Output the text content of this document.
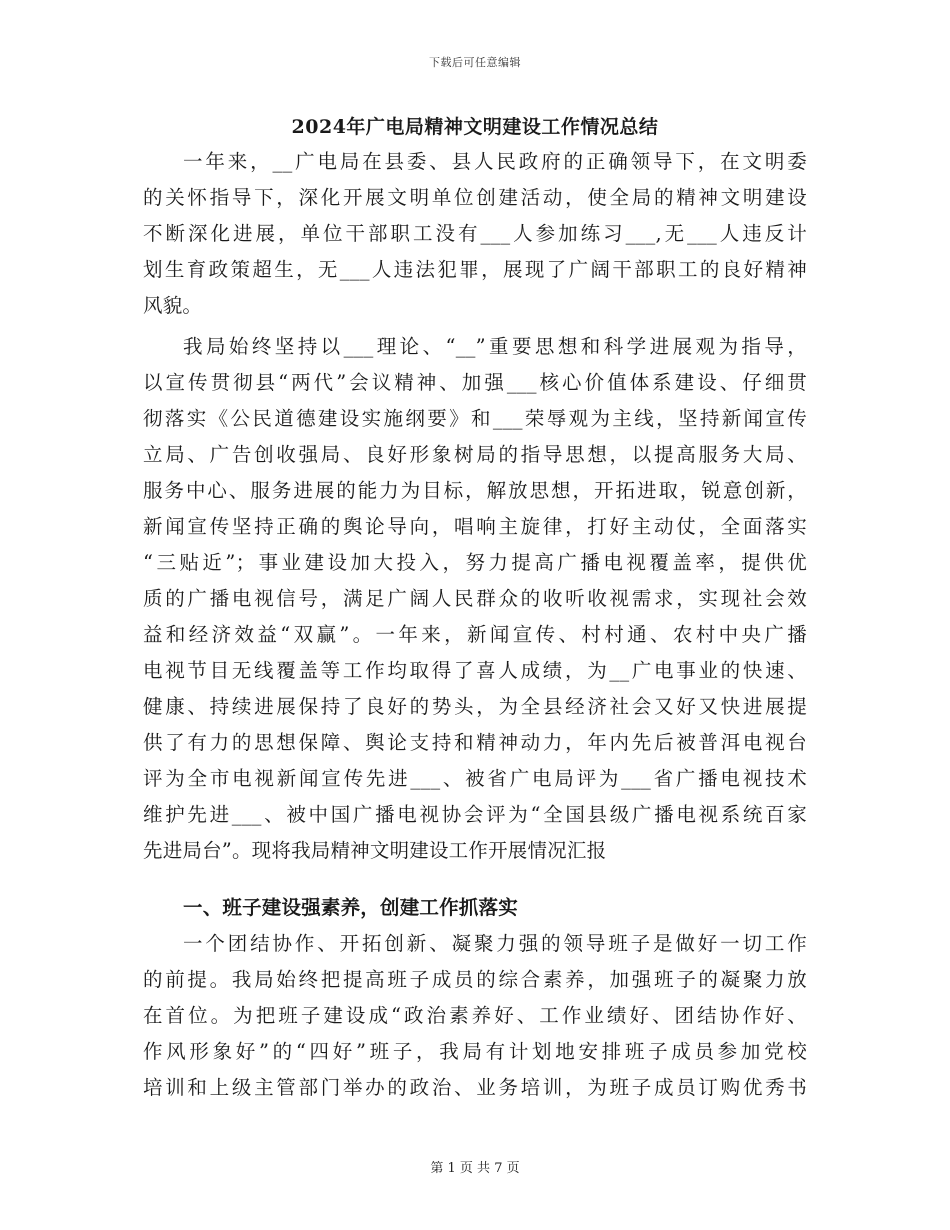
下载后可任意编辑
2024年广电局精神文明建设工作情况总结
一年来，__广电局在县委、县人民政府的正确领导下，在文明委
的关怀指导下，深化开展文明单位创建活动，使全局的精神文明建设
不断深化进展，单位干部职工没有___人参加练习___,无___人违反计
划生育政策超生，无___人违法犯罪，展现了广阔干部职工的良好精神
风貌。
我局始终坚持以___理论、“__”重要思想和科学进展观为指导，
以宣传贯彻县“两代”会议精神、加强___核心价值体系建设、仔细贯
彻落实《公民道德建设实施纲要》和___荣辱观为主线，坚持新闻宣传
立局、广告创收强局、良好形象树局的指导思想，以提高服务大局、
服务中心、服务进展的能力为目标，解放思想，开拓进取，锐意创新，
新闻宣传坚持正确的舆论导向，唱响主旋律，打好主动仗，全面落实
“三贴近”；事业建设加大投入，努力提高广播电视覆盖率，提供优
质的广播电视信号，满足广阔人民群众的收听收视需求，实现社会效
益和经济效益“双赢”。一年来，新闻宣传、村村通、农村中央广播
电视节目无线覆盖等工作均取得了喜人成绩，为__广电事业的快速、
健康、持续进展保持了良好的势头，为全县经济社会又好又快进展提
供了有力的思想保障、舆论支持和精神动力，年内先后被普洱电视台
评为全市电视新闻宣传先进___、被省广电局评为___省广播电视技术
维护先进___、被中国广播电视协会评为“全国县级广播电视系统百家
先进局台”。现将我局精神文明建设工作开展情况汇报
一、班子建设强素养，创建工作抓落实
一个团结协作、开拓创新、凝聚力强的领导班子是做好一切工作
的前提。我局始终把提高班子成员的综合素养，加强班子的凝聚力放
在首位。为把班子建设成“政治素养好、工作业绩好、团结协作好、
作风形象好”的“四好”班子，我局有计划地安排班子成员参加党校
培训和上级主管部门举办的政治、业务培训，为班子成员订购优秀书
第 1 页 共 7 页
